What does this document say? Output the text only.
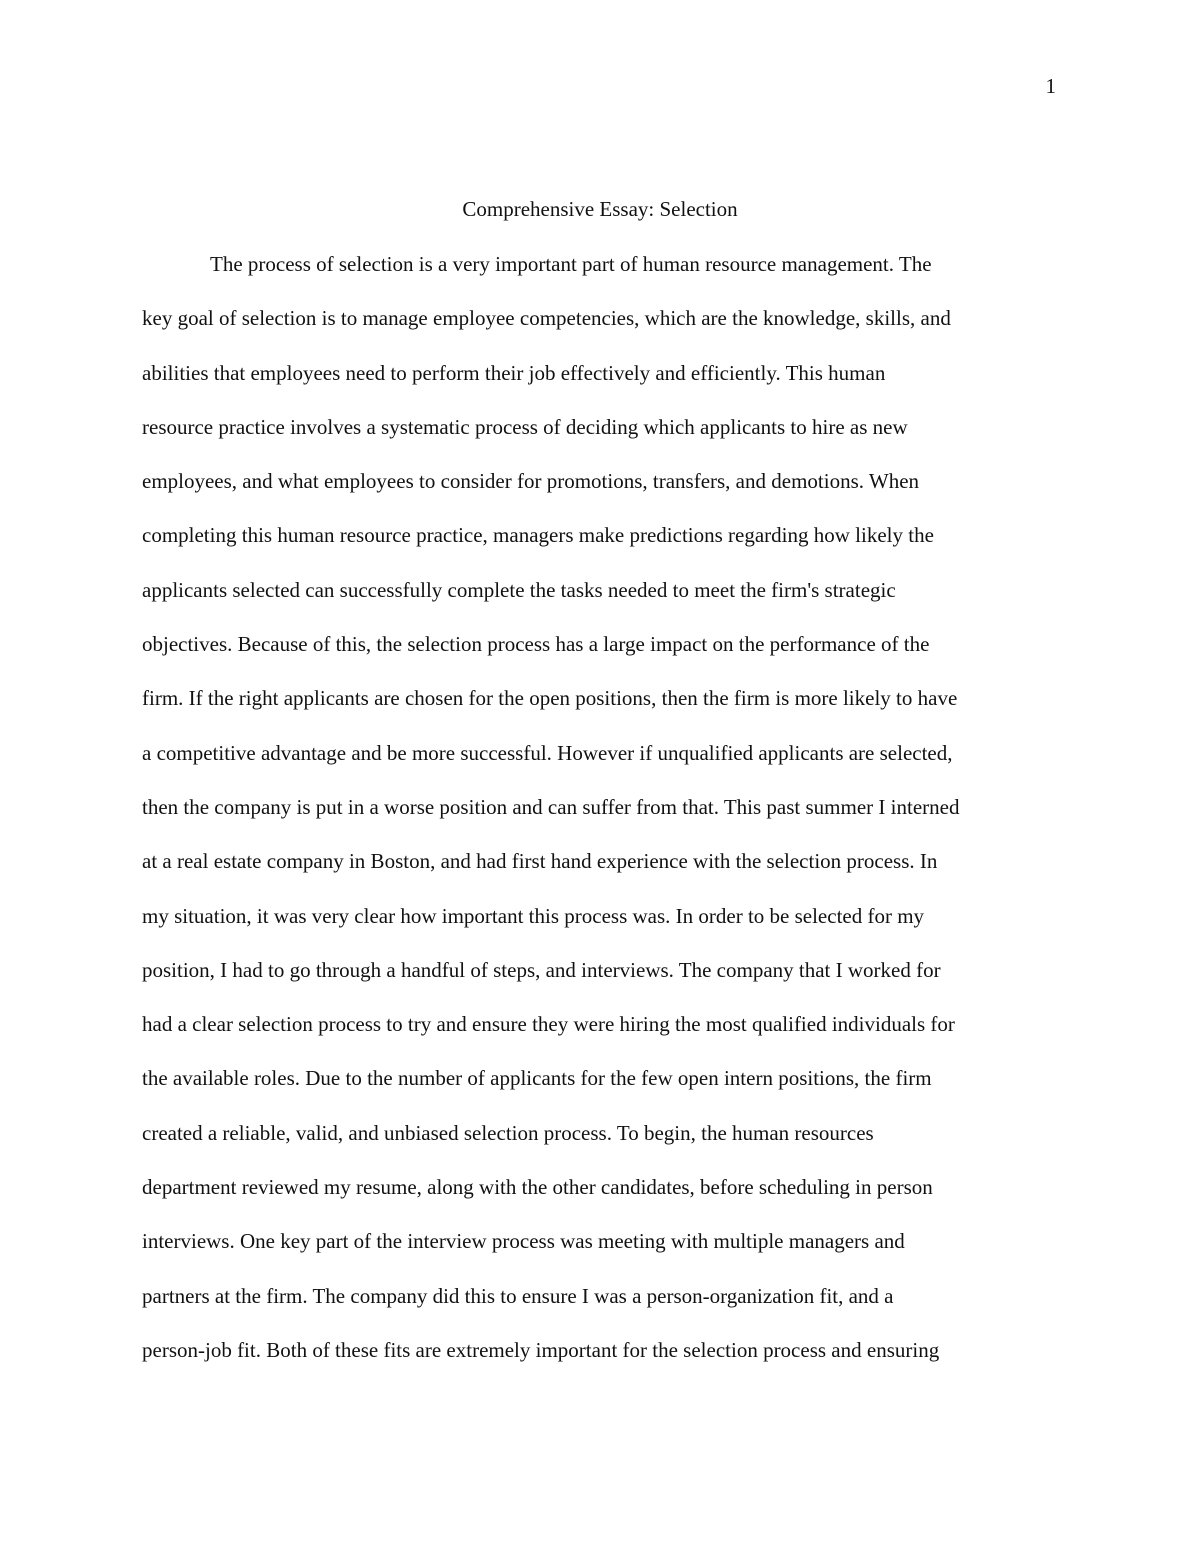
1
Comprehensive Essay: Selection
The process of selection is a very important part of human resource management. The
key goal of selection is to manage employee competencies, which are the knowledge, skills, and
abilities that employees need to perform their job effectively and efficiently. This human
resource practice involves a systematic process of deciding which applicants to hire as new
employees, and what employees to consider for promotions, transfers, and demotions. When
completing this human resource practice, managers make predictions regarding how likely the
applicants selected can successfully complete the tasks needed to meet the firm's strategic
objectives. Because of this, the selection process has a large impact on the performance of the
firm. If the right applicants are chosen for the open positions, then the firm is more likely to have
a competitive advantage and be more successful. However if unqualified applicants are selected,
then the company is put in a worse position and can suffer from that. This past summer I interned
at a real estate company in Boston, and had first hand experience with the selection process. In
my situation, it was very clear how important this process was. In order to be selected for my
position, I had to go through a handful of steps, and interviews. The company that I worked for
had a clear selection process to try and ensure they were hiring the most qualified individuals for
the available roles. Due to the number of applicants for the few open intern positions, the firm
created a reliable, valid, and unbiased selection process. To begin, the human resources
department reviewed my resume, along with the other candidates, before scheduling in person
interviews. One key part of the interview process was meeting with multiple managers and
partners at the firm. The company did this to ensure I was a person-organization fit, and a
person-job fit. Both of these fits are extremely important for the selection process and ensuring
